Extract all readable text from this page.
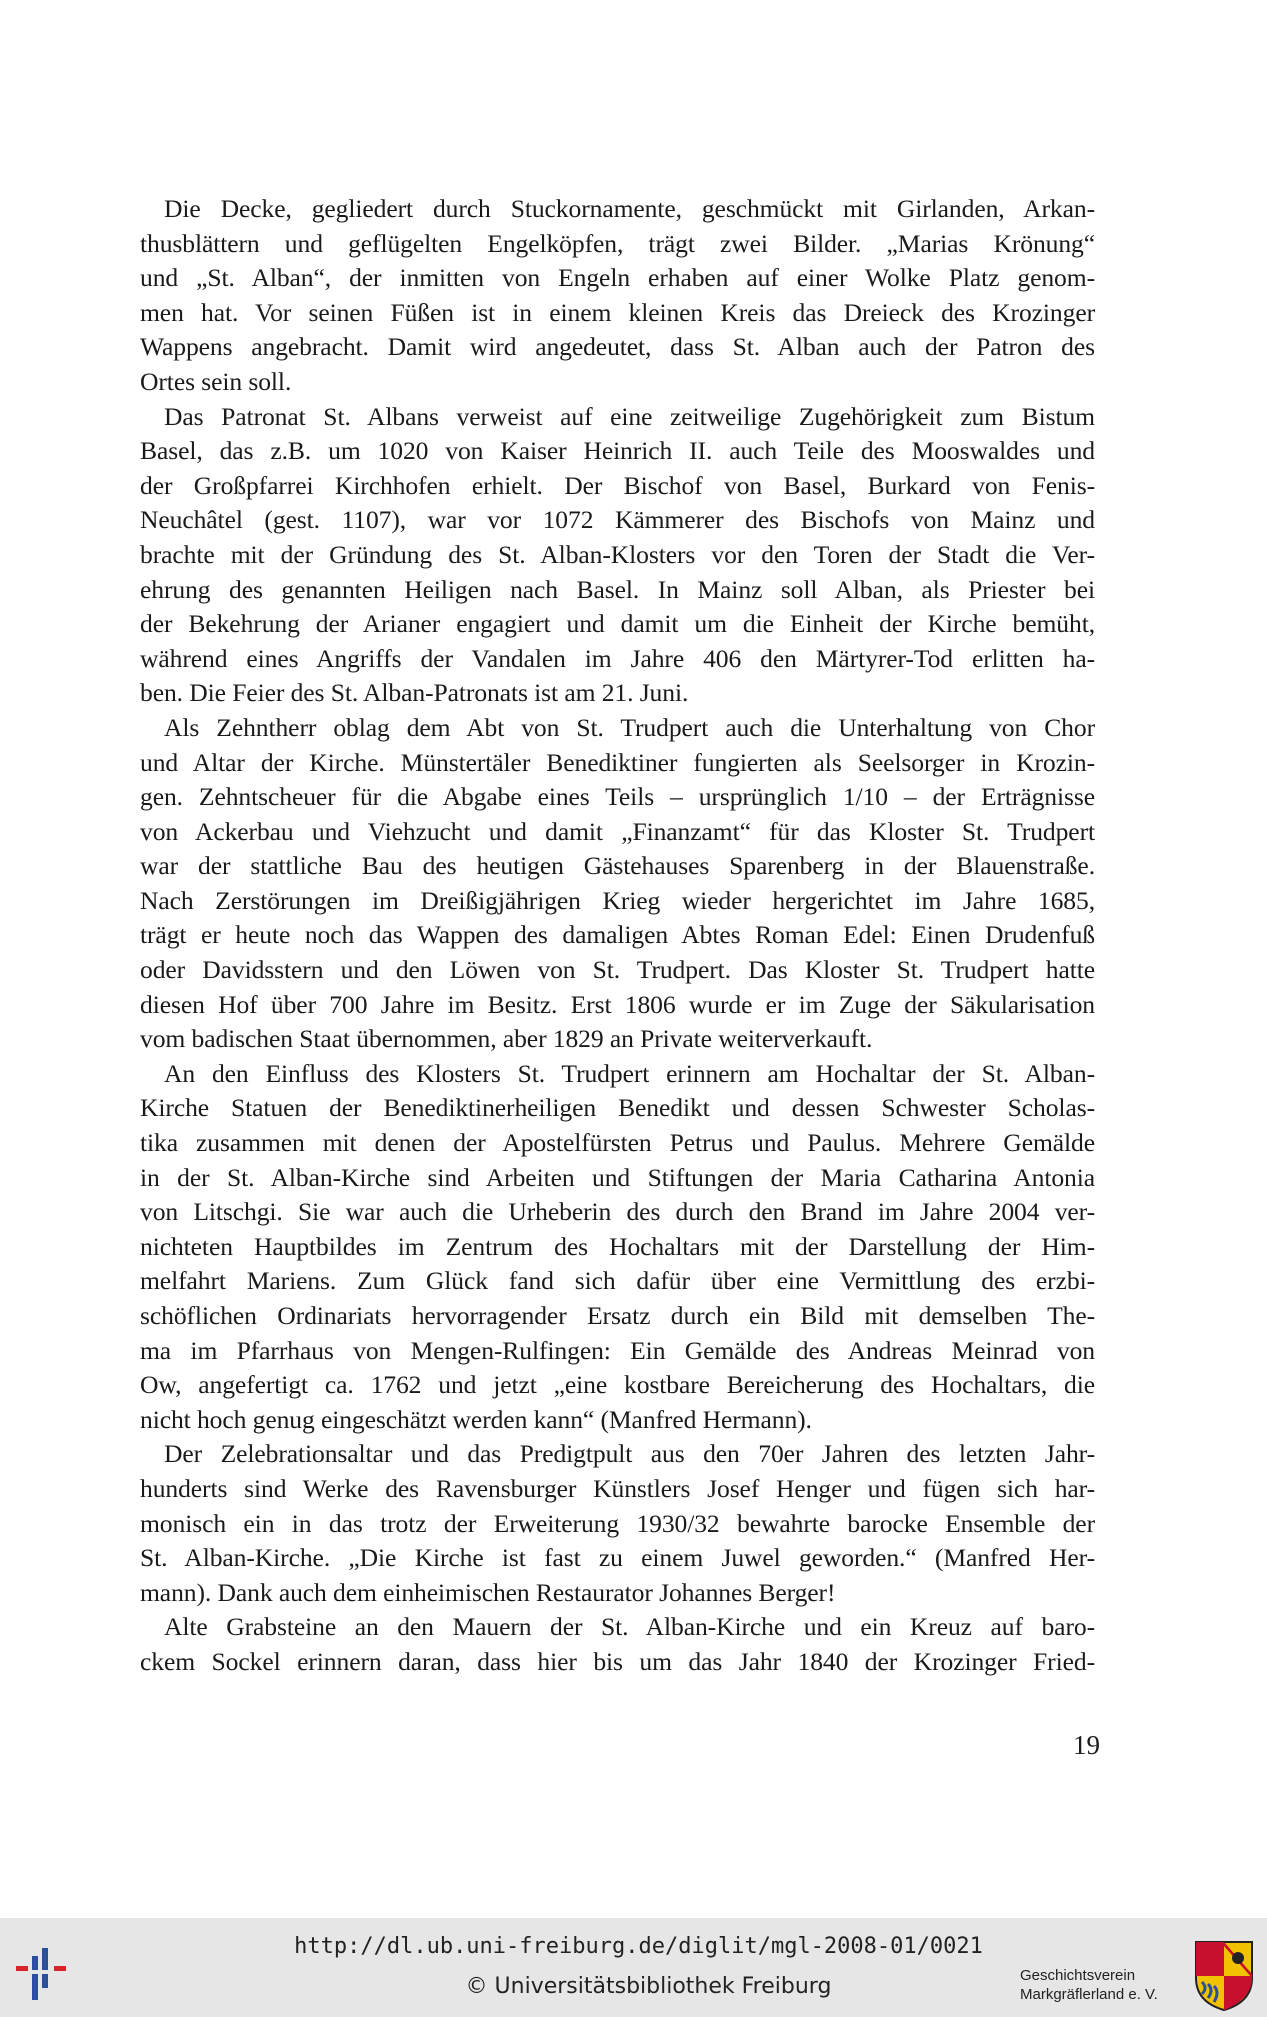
Die Decke, gegliedert durch Stuckornamente, geschmückt mit Girlanden, Arkan-
thusblättern und geflügelten Engelköpfen, trägt zwei Bilder. „Marias Krönung“
und „St. Alban“, der inmitten von Engeln erhaben auf einer Wolke Platz genom-
men hat. Vor seinen Füßen ist in einem kleinen Kreis das Dreieck des Krozinger
Wappens angebracht. Damit wird angedeutet, dass St. Alban auch der Patron des
Ortes sein soll.
Das Patronat St. Albans verweist auf eine zeitweilige Zugehörigkeit zum Bistum
Basel, das z.B. um 1020 von Kaiser Heinrich II. auch Teile des Mooswaldes und
der Großpfarrei Kirchhofen erhielt. Der Bischof von Basel, Burkard von Fenis-
Neuchâtel (gest. 1107), war vor 1072 Kämmerer des Bischofs von Mainz und
brachte mit der Gründung des St. Alban-Klosters vor den Toren der Stadt die Ver-
ehrung des genannten Heiligen nach Basel. In Mainz soll Alban, als Priester bei
der Bekehrung der Arianer engagiert und damit um die Einheit der Kirche bemüht,
während eines Angriffs der Vandalen im Jahre 406 den Märtyrer-Tod erlitten ha-
ben. Die Feier des St. Alban-Patronats ist am 21. Juni.
Als Zehntherr oblag dem Abt von St. Trudpert auch die Unterhaltung von Chor
und Altar der Kirche. Münstertäler Benediktiner fungierten als Seelsorger in Krozin-
gen. Zehntscheuer für die Abgabe eines Teils – ursprünglich 1/10 – der Erträgnisse
von Ackerbau und Viehzucht und damit „Finanzamt“ für das Kloster St. Trudpert
war der stattliche Bau des heutigen Gästehauses Sparenberg in der Blauenstraße.
Nach Zerstörungen im Dreißigjährigen Krieg wieder hergerichtet im Jahre 1685,
trägt er heute noch das Wappen des damaligen Abtes Roman Edel: Einen Drudenfuß
oder Davidsstern und den Löwen von St. Trudpert. Das Kloster St. Trudpert hatte
diesen Hof über 700 Jahre im Besitz. Erst 1806 wurde er im Zuge der Säkularisation
vom badischen Staat übernommen, aber 1829 an Private weiterverkauft.
An den Einfluss des Klosters St. Trudpert erinnern am Hochaltar der St. Alban-
Kirche Statuen der Benediktinerheiligen Benedikt und dessen Schwester Scholas-
tika zusammen mit denen der Apostelfürsten Petrus und Paulus. Mehrere Gemälde
in der St. Alban-Kirche sind Arbeiten und Stiftungen der Maria Catharina Antonia
von Litschgi. Sie war auch die Urheberin des durch den Brand im Jahre 2004 ver-
nichteten Hauptbildes im Zentrum des Hochaltars mit der Darstellung der Him-
melfahrt Mariens. Zum Glück fand sich dafür über eine Vermittlung des erzbi-
schöflichen Ordinariats hervorragender Ersatz durch ein Bild mit demselben The-
ma im Pfarrhaus von Mengen-Rulfingen: Ein Gemälde des Andreas Meinrad von
Ow, angefertigt ca. 1762 und jetzt „eine kostbare Bereicherung des Hochaltars, die
nicht hoch genug eingeschätzt werden kann“ (Manfred Hermann).
Der Zelebrationsaltar und das Predigtpult aus den 70er Jahren des letzten Jahr-
hunderts sind Werke des Ravensburger Künstlers Josef Henger und fügen sich har-
monisch ein in das trotz der Erweiterung 1930/32 bewahrte barocke Ensemble der
St. Alban-Kirche. „Die Kirche ist fast zu einem Juwel geworden.“ (Manfred Her-
mann). Dank auch dem einheimischen Restaurator Johannes Berger!
Alte Grabsteine an den Mauern der St. Alban-Kirche und ein Kreuz auf baro-
ckem Sockel erinnern daran, dass hier bis um das Jahr 1840 der Krozinger Fried-
19
http://dl.ub.uni-freiburg.de/diglit/mgl-2008-01/0021
© Universitätsbibliothek Freiburg	Geschichtsverein
Markgräflerland e. V.
